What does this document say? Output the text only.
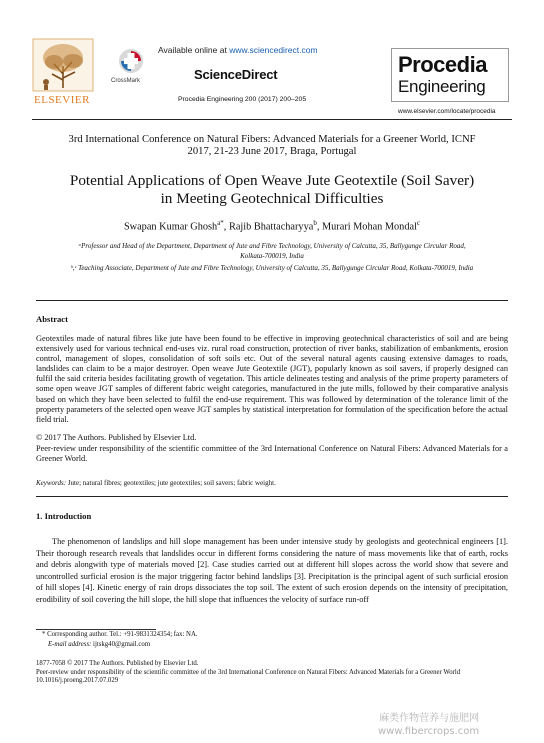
ELSEVIER
CrossMark
Available online at www.sciencedirect.com
ScienceDirect
Procedia Engineering 200 (2017) 200–205
Procedia
Engineering
www.elsevier.com/locate/procedia
3rd International Conference on Natural Fibers: Advanced Materials for a Greener World, ICNF
2017, 21-23 June 2017, Braga, Portugal
Potential Applications of Open Weave Jute Geotextile (Soil Saver)
in Meeting Geotechnical Difficulties
Swapan Kumar Ghosh$^{a*}$, Rajib Bhattacharyya$^b$, Murari Mohan Mondal$^c$
ᵃProfessor and Head of the Department, Department of Jute and Fibre Technology, University of Calcutta, 35, Ballygunge Circular Road,
Kolkata-700019, India
ᵇ,ᶜ Teaching Associate, Department of Jute and Fibre Technology, University of Calcutta, 35, Ballygunge Circular Road, Kolkata-700019, India
Abstract
Geotextiles made of natural fibres like jute have been found to be effective in improving geotechnical characteristics of soil and are being extensively used for various technical end-uses viz. rural road construction, protection of river banks, stabilization of embankments, erosion control, management of slopes, consolidation of soft soils etc. Out of the several natural agents causing extensive damages to roads, landslides can claim to be a major destroyer. Open weave Jute Geotextile (JGT), popularly known as soil savers, if properly designed can fulfil the said criteria besides facilitating growth of vegetation. This article delineates testing and analysis of the prime property parameters of some open weave JGT samples of different fabric weight categories, manufactured in the jute mills, followed by their comparative analysis based on which they have been selected to fulfil the end-use requirement. This was followed by determination of the tolerance limit of the property parameters of the selected open weave JGT samples by statistical interpretation for formulation of the specification before the actual field trial.
© 2017 The Authors. Published by Elsevier Ltd.
Peer-review under responsibility of the scientific committee of the 3rd International Conference on Natural Fibers: Advanced Materials for a Greener World.
Keywords: Jute; natural fibres; geotextiles; jute geotextiles; soil savers; fabric weight.
1. Introduction
The phenomenon of landslips and hill slope management has been under intensive study by geologists and geotechnical engineers [1]. Their thorough research reveals that landslides occur in different forms considering the nature of mass movements like that of earth, rocks and debris alongwith type of materials moved [2]. Case studies carried out at different hill slopes across the world show that severe and uncontrolled surficial erosion is the major triggering factor behind landslips [3]. Precipitation is the principal agent of such surficial erosion of hill slopes [4]. Kinetic energy of rain drops dissociates the top soil. The extent of such erosion depends on the intensity of precipitation, erodibility of soil covering the hill slope, the hill slope that influences the velocity of surface run-off
* Corresponding author. Tel.: +91-9831324354; fax: NA.
E-mail address: ijtskg40@gmail.com
1877-7058 © 2017 The Authors. Published by Elsevier Ltd.
Peer-review under responsibility of the scientific committee of the 3rd International Conference on Natural Fibers: Advanced Materials for a Greener World
10.1016/j.proeng.2017.07.029
麻类作物营养与施肥网
www.fibercrops.com
